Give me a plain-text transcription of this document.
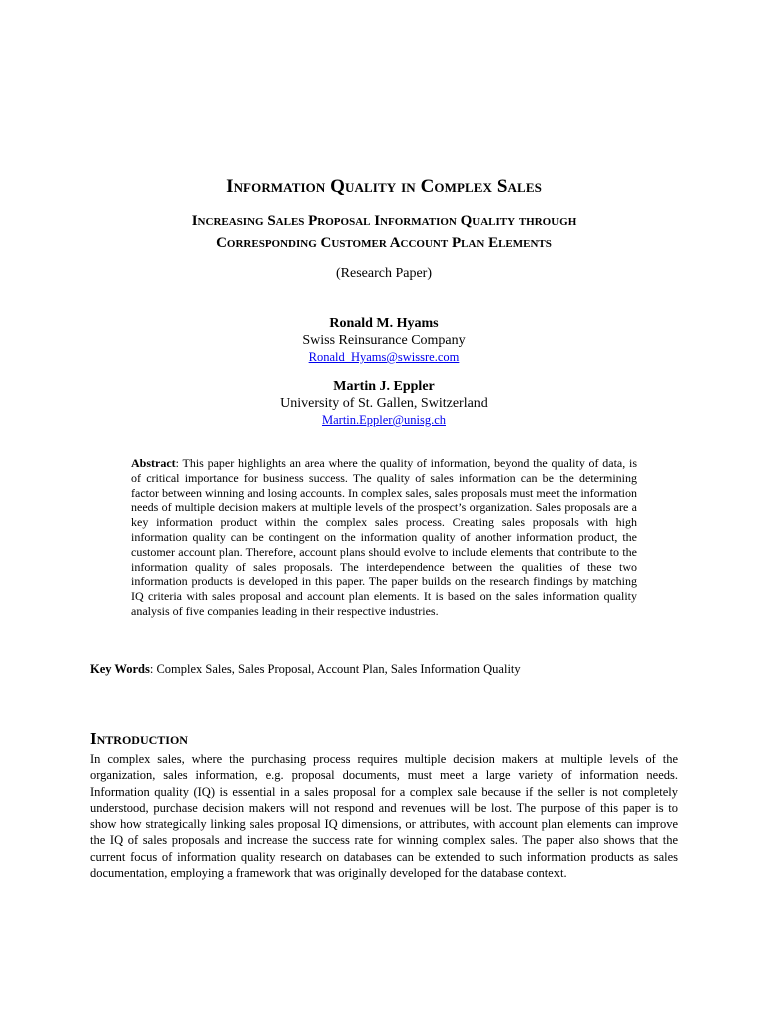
Information Quality in Complex Sales
Increasing Sales Proposal Information Quality through
Corresponding Customer Account Plan Elements
(Research Paper)
Ronald M. Hyams
Swiss Reinsurance Company
Ronald_Hyams@swissre.com
Martin J. Eppler
University of St. Gallen, Switzerland
Martin.Eppler@unisg.ch
Abstract: This paper highlights an area where the quality of information, beyond the quality of data, is of critical importance for business success. The quality of sales information can be the determining factor between winning and losing accounts. In complex sales, sales proposals must meet the information needs of multiple decision makers at multiple levels of the prospect’s organization. Sales proposals are a key information product within the complex sales process. Creating sales proposals with high information quality can be contingent on the information quality of another information product, the customer account plan. Therefore, account plans should evolve to include elements that contribute to the information quality of sales proposals. The interdependence between the qualities of these two information products is developed in this paper. The paper builds on the research findings by matching IQ criteria with sales proposal and account plan elements. It is based on the sales information quality analysis of five companies leading in their respective industries.
Key Words: Complex Sales, Sales Proposal, Account Plan, Sales Information Quality
Introduction
In complex sales, where the purchasing process requires multiple decision makers at multiple levels of the organization, sales information, e.g. proposal documents, must meet a large variety of information needs. Information quality (IQ) is essential in a sales proposal for a complex sale because if the seller is not completely understood, purchase decision makers will not respond and revenues will be lost. The purpose of this paper is to show how strategically linking sales proposal IQ dimensions, or attributes, with account plan elements can improve the IQ of sales proposals and increase the success rate for winning complex sales. The paper also shows that the current focus of information quality research on databases can be extended to such information products as sales documentation, employing a framework that was originally developed for the database context.
